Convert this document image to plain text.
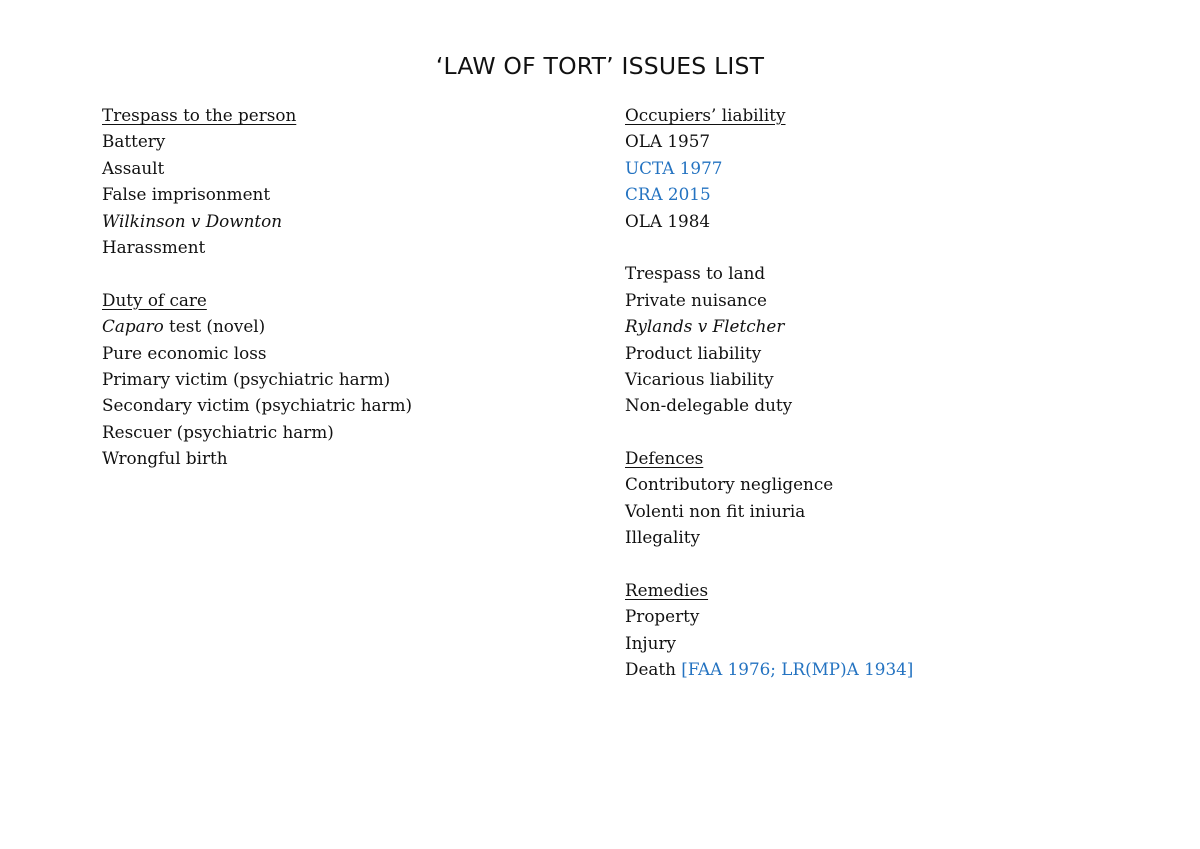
‘LAW OF TORT’ ISSUES LIST
Trespass to the person
Battery
Assault
False imprisonment
Wilkinson v Downton
Harassment
Duty of care
Caparo test (novel)
Pure economic loss
Primary victim (psychiatric harm)
Secondary victim (psychiatric harm)
Rescuer (psychiatric harm)
Wrongful birth
Occupiers’ liability
OLA 1957
UCTA 1977
CRA 2015
OLA 1984
Trespass to land
Private nuisance
Rylands v Fletcher
Product liability
Vicarious liability
Non-delegable duty
Defences
Contributory negligence
Volenti non fit iniuria
Illegality
Remedies
Property
Injury
Death [FAA 1976; LR(MP)A 1934]
